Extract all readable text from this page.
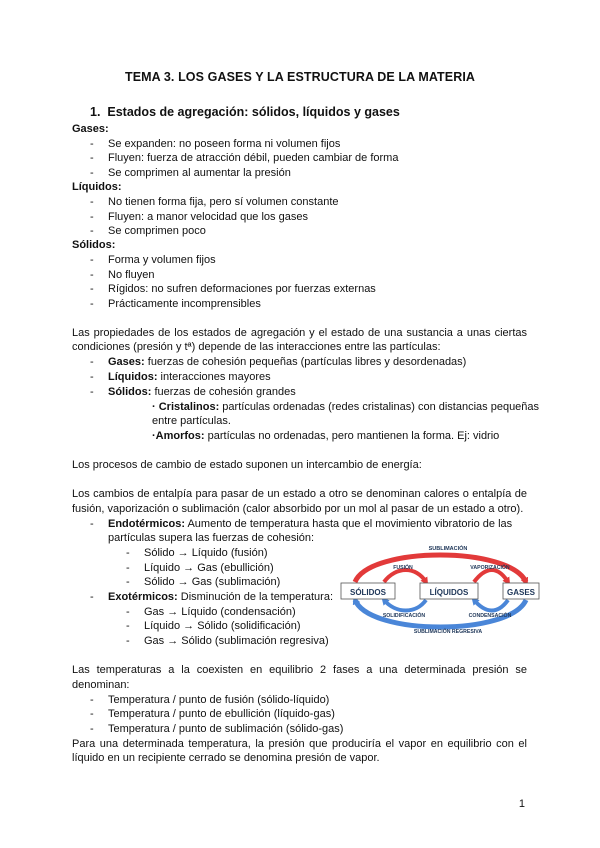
TEMA 3. LOS GASES Y LA ESTRUCTURA DE LA MATERIA
1. Estados de agregación: sólidos, líquidos y gases
Gases:
- Se expanden: no poseen forma ni volumen fijos
- Fluyen: fuerza de atracción débil, pueden cambiar de forma
- Se comprimen al aumentar la presión
Líquidos:
- No tienen forma fija, pero sí volumen constante
- Fluyen: a manor velocidad que los gases
- Se comprimen poco
Sólidos:
- Forma y volumen fijos
- No fluyen
- Rígidos: no sufren deformaciones por fuerzas externas
- Prácticamente incomprensibles
Las propiedades de los estados de agregación y el estado de una sustancia a unas ciertas
condiciones (presión y tª) depende de las interacciones entre las partículas:
- Gases: fuerzas de cohesión pequeñas (partículas libres y desordenadas)
- Líquidos: interacciones mayores
- Sólidos: fuerzas de cohesión grandes
· Cristalinos: partículas ordenadas (redes cristalinas) con distancias pequeñas
entre partículas.
·Amorfos: partículas no ordenadas, pero mantienen la forma. Ej: vidrio
Los procesos de cambio de estado suponen un intercambio de energía:
Los cambios de entalpía para pasar de un estado a otro se denominan calores o entalpía de
fusión, vaporización o sublimación (calor absorbido por un mol al pasar de un estado a otro).
- Endotérmicos: Aumento de temperatura hasta que el movimiento vibratorio de las
partículas supera las fuerzas de cohesión:
- Sólido → Líquido (fusión)
- Líquido → Gas (ebullición)
- Sólido → Gas (sublimación)
- Exotérmicos: Disminución de la temperatura:
- Gas → Líquido (condensación)
- Líquido → Sólido (solidificación)
- Gas → Sólido (sublimación regresiva)
SÓLIDOS	LÍQUIDOS	GASES
SUBLIMACIÓN
FUSIÓN	VAPORIZACIÓN
SOLIDIFICACIÓN	CONDENSACIÓN
SUBLIMACIÓN REGRESIVA
Las temperaturas a la coexisten en equilibrio 2 fases a una determinada presión se
denominan:
- Temperatura / punto de fusión (sólido-líquido)
- Temperatura / punto de ebullición (líquido-gas)
- Temperatura / punto de sublimación (sólido-gas)
Para una determinada temperatura, la presión que produciría el vapor en equilibrio con el
líquido en un recipiente cerrado se denomina presión de vapor.
1
